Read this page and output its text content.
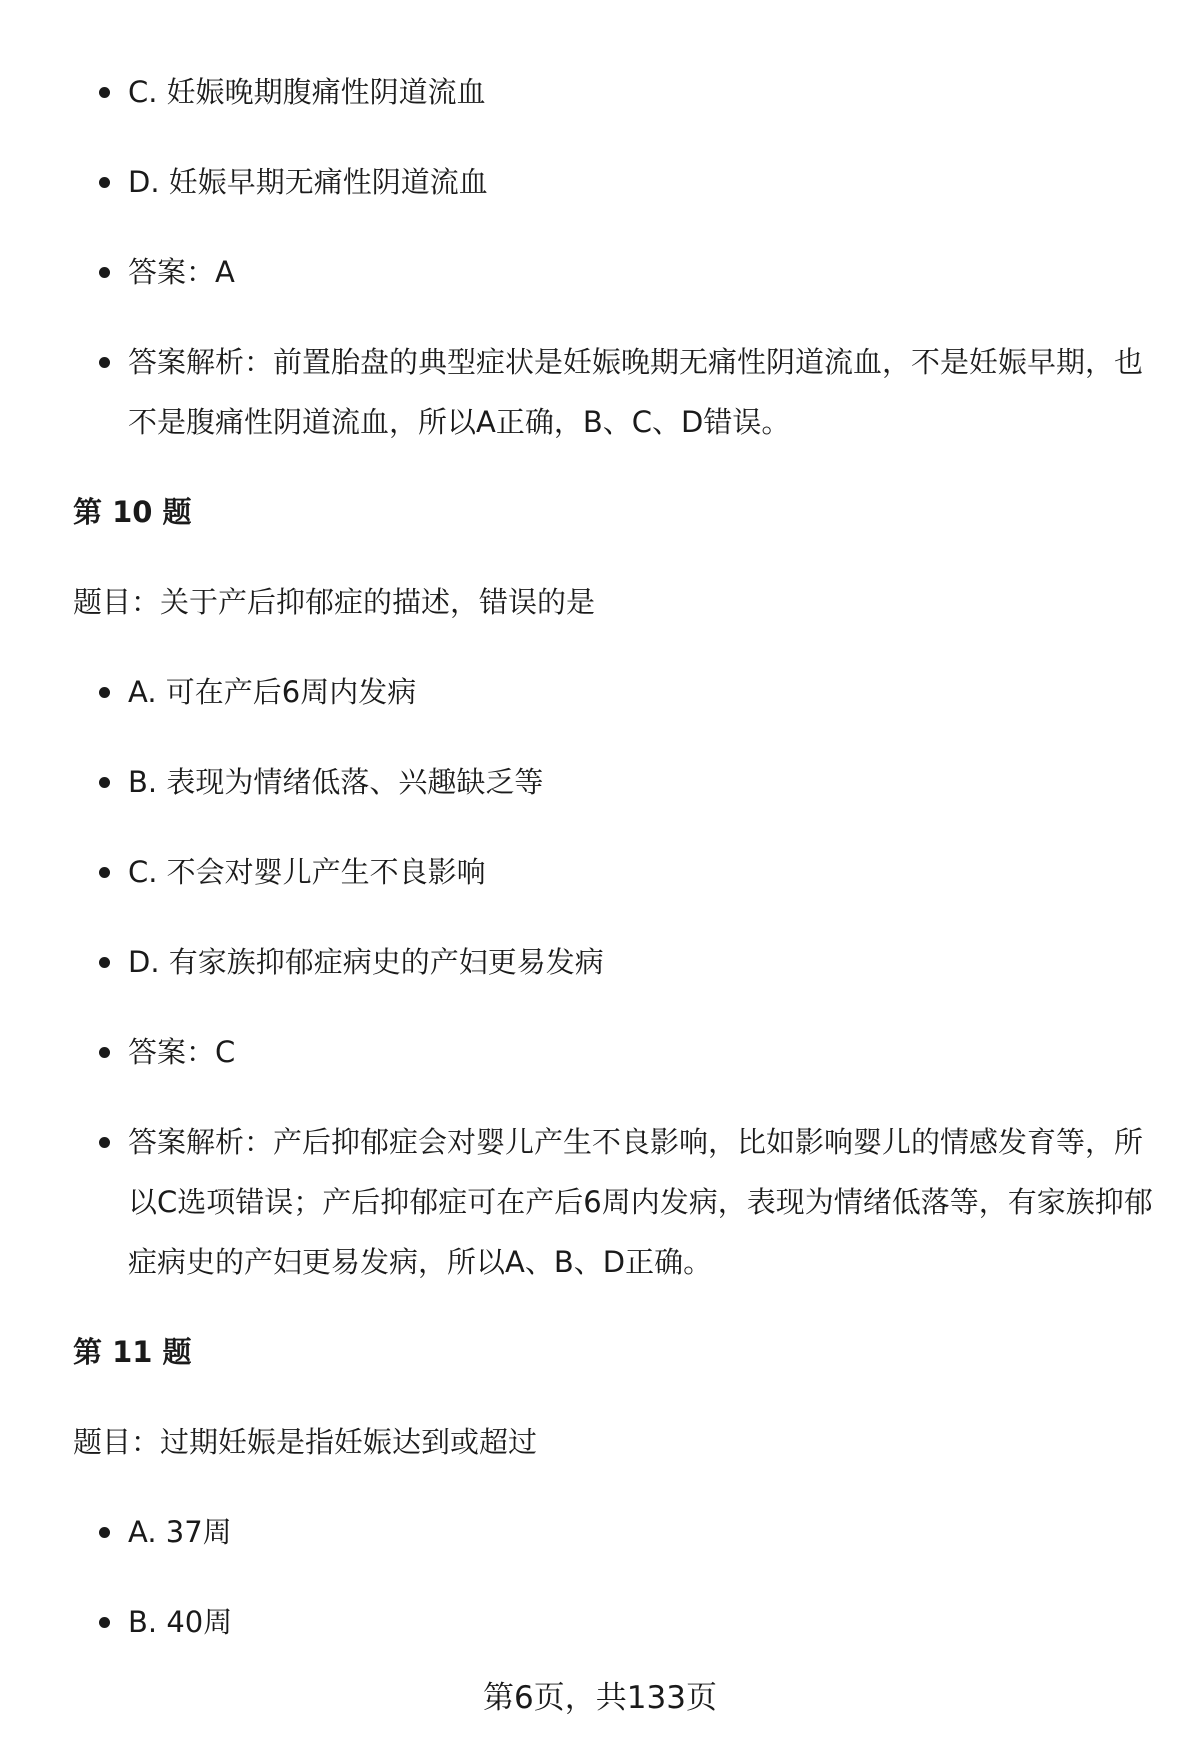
C. 妊娠晚期腹痛性阴道流血
D. 妊娠早期无痛性阴道流血
答案：A
答案解析：前置胎盘的典型症状是妊娠晚期无痛性阴道流血，不是妊娠早期，也不是腹痛性阴道流血，所以A正确，B、C、D错误。
第 10 题
题目：关于产后抑郁症的描述，错误的是
A. 可在产后6周内发病
B. 表现为情绪低落、兴趣缺乏等
C. 不会对婴儿产生不良影响
D. 有家族抑郁症病史的产妇更易发病
答案：C
答案解析：产后抑郁症会对婴儿产生不良影响，比如影响婴儿的情感发育等，所以C选项错误；产后抑郁症可在产后6周内发病，表现为情绪低落等，有家族抑郁症病史的产妇更易发病，所以A、B、D正确。
第 11 题
题目：过期妊娠是指妊娠达到或超过
A. 37周
B. 40周
第6页，共133页
